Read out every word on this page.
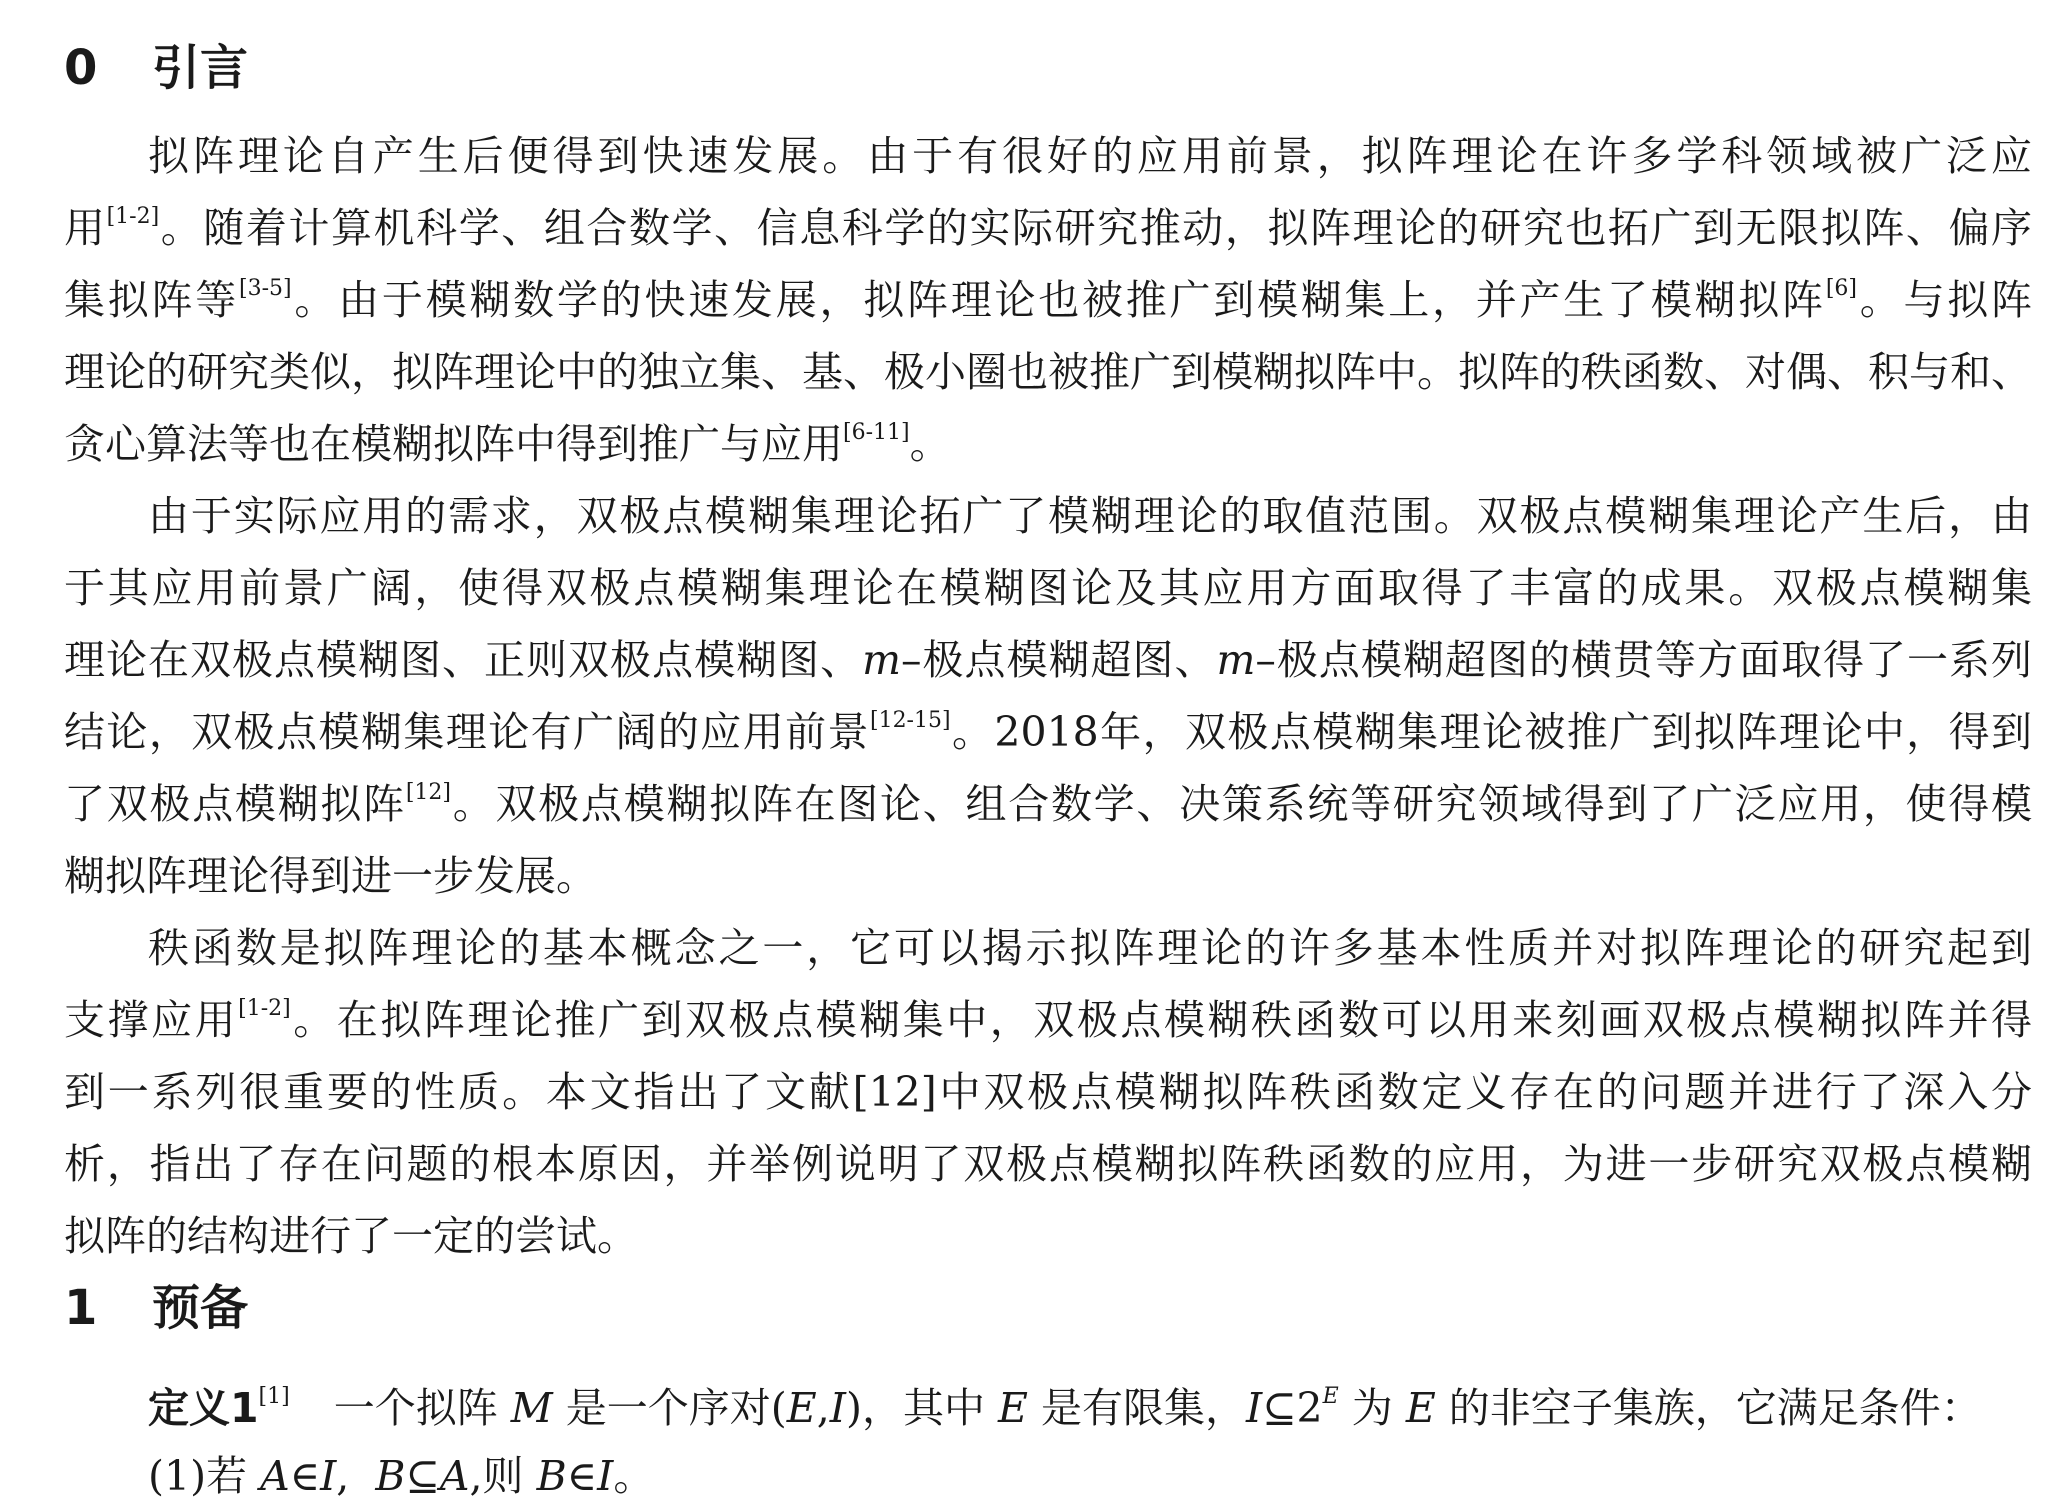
0 引言
拟阵理论自产生后便得到快速发展。由于有很好的应用前景，拟阵理论在许多学科领域被广泛应
用[1-2]。随着计算机科学、组合数学、信息科学的实际研究推动，拟阵理论的研究也拓广到无限拟阵、偏序
集拟阵等[3-5]。由于模糊数学的快速发展，拟阵理论也被推广到模糊集上，并产生了模糊拟阵[6]。与拟阵
理论的研究类似，拟阵理论中的独立集、基、极小圈也被推广到模糊拟阵中。拟阵的秩函数、对偶、积与和、
贪心算法等也在模糊拟阵中得到推广与应用[6-11]。
由于实际应用的需求，双极点模糊集理论拓广了模糊理论的取值范围。双极点模糊集理论产生后，由
于其应用前景广阔，使得双极点模糊集理论在模糊图论及其应用方面取得了丰富的成果。双极点模糊集
理论在双极点模糊图、正则双极点模糊图、m–极点模糊超图、m–极点模糊超图的横贯等方面取得了一系列
结论，双极点模糊集理论有广阔的应用前景[12-15]。2018年，双极点模糊集理论被推广到拟阵理论中，得到
了双极点模糊拟阵[12]。双极点模糊拟阵在图论、组合数学、决策系统等研究领域得到了广泛应用，使得模
糊拟阵理论得到进一步发展。
秩函数是拟阵理论的基本概念之一，它可以揭示拟阵理论的许多基本性质并对拟阵理论的研究起到
支撑应用[1-2]。在拟阵理论推广到双极点模糊集中，双极点模糊秩函数可以用来刻画双极点模糊拟阵并得
到一系列很重要的性质。本文指出了文献[12]中双极点模糊拟阵秩函数定义存在的问题并进行了深入分
析，指出了存在问题的根本原因，并举例说明了双极点模糊拟阵秩函数的应用，为进一步研究双极点模糊
拟阵的结构进行了一定的尝试。
1 预备
定义1[1] 一个拟阵 M 是一个序对(E,I)，其中 E 是有限集，$I⊆2^E$ 为 E 的非空子集族，它满足条件：
(1)若 A∈I,  B⊆A,则 B∈I。
